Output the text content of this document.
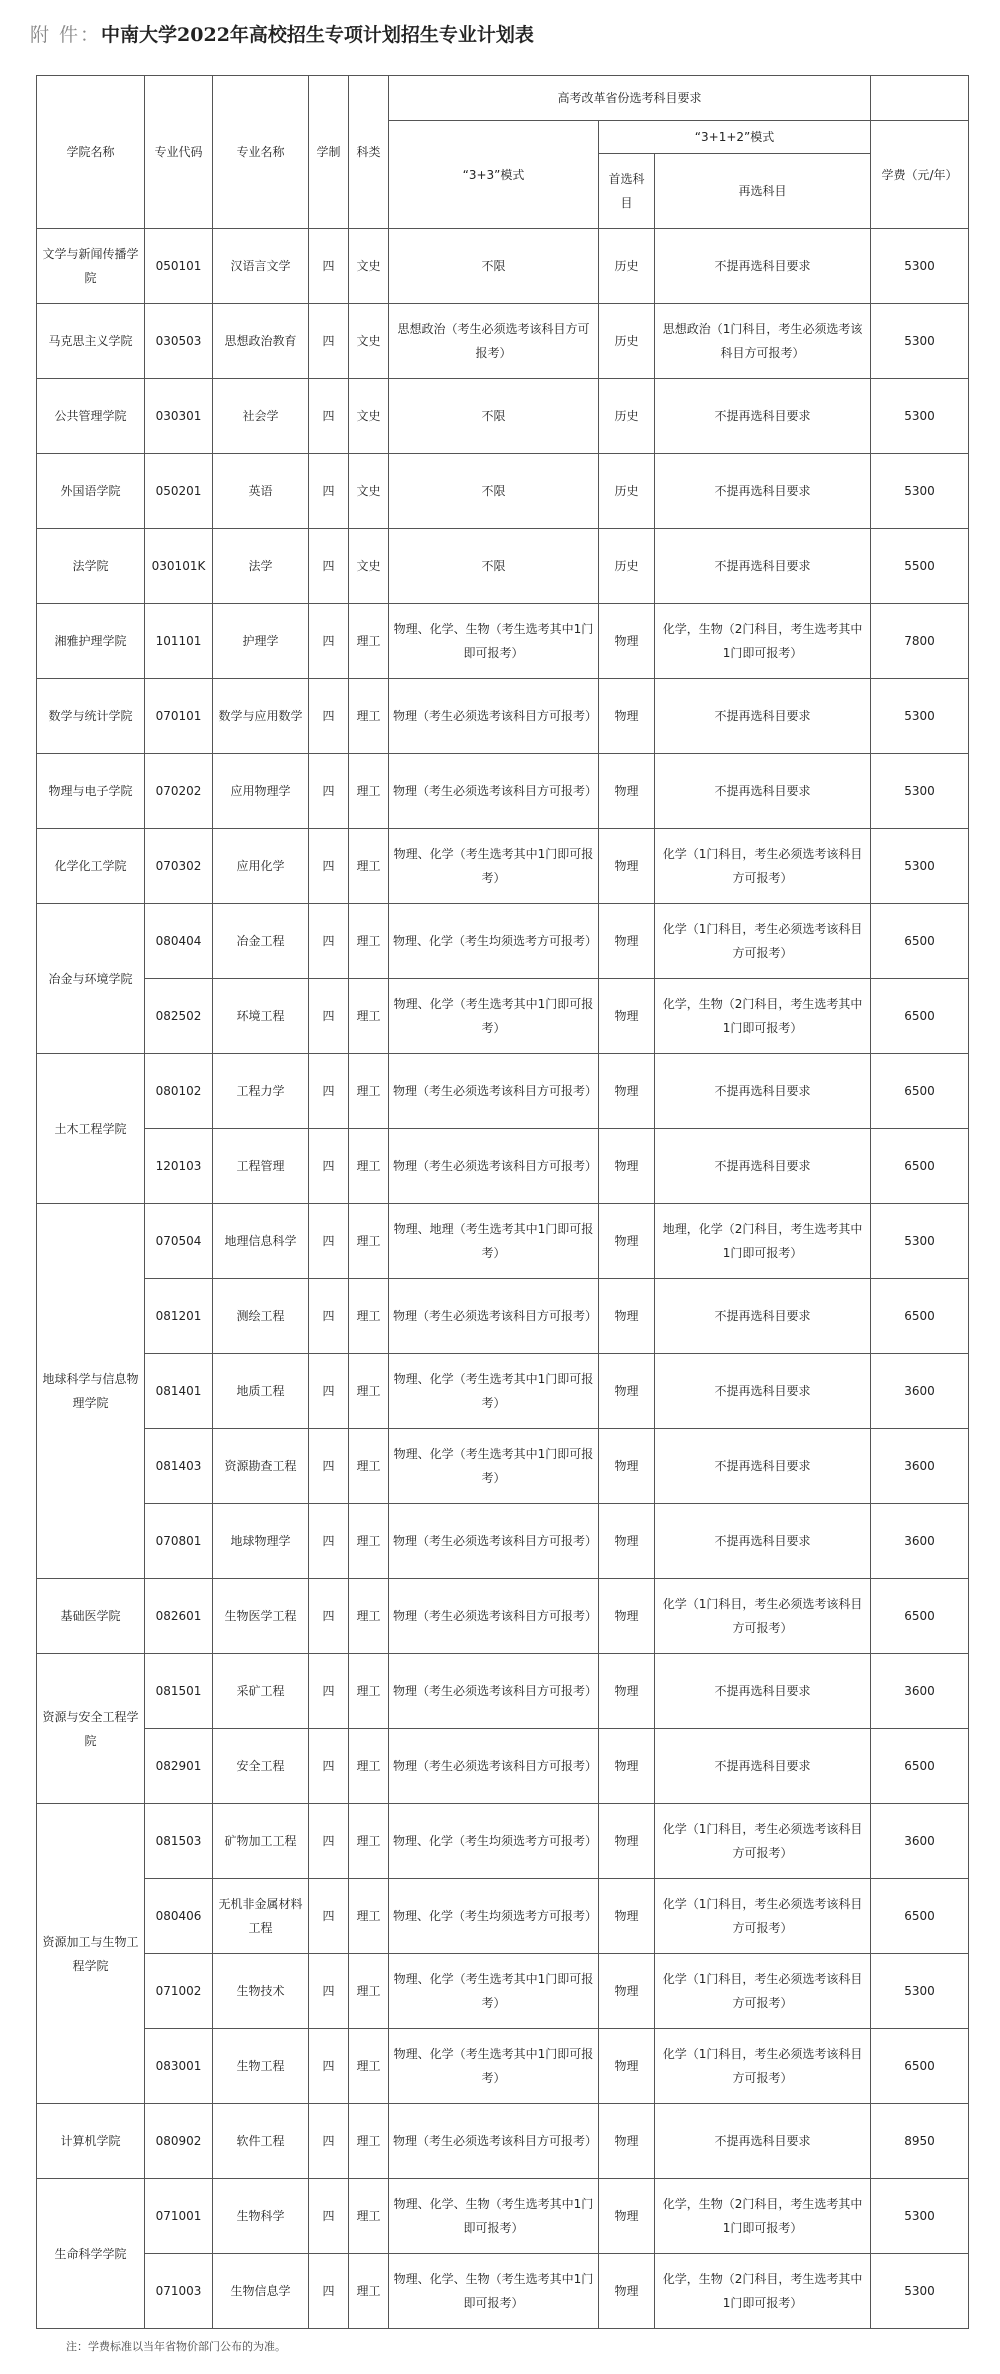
附 件：中南大学2022年高校招生专项计划招生专业计划表
学院名称	专业代码	专业名称	学制	科类	高考改革省份选考科目要求			
					“3+3”模式	“3+1+2”模式		学费（元/年）
						首选科目	再选科目	
文学与新闻传播学院	050101	汉语言文学	四	文史	不限	历史	不提再选科目要求	5300
马克思主义学院	030503	思想政治教育	四	文史	思想政治（考生必须选考该科目方可报考）	历史	思想政治（1门科目，考生必须选考该科目方可报考）	5300
公共管理学院	030301	社会学	四	文史	不限	历史	不提再选科目要求	5300
外国语学院	050201	英语	四	文史	不限	历史	不提再选科目要求	5300
法学院	030101K	法学	四	文史	不限	历史	不提再选科目要求	5500
湘雅护理学院	101101	护理学	四	理工	物理、化学、生物（考生选考其中1门即可报考）	物理	化学，生物（2门科目，考生选考其中1门即可报考）	7800
数学与统计学院	070101	数学与应用数学	四	理工	物理（考生必须选考该科目方可报考）	物理	不提再选科目要求	5300
物理与电子学院	070202	应用物理学	四	理工	物理（考生必须选考该科目方可报考）	物理	不提再选科目要求	5300
化学化工学院	070302	应用化学	四	理工	物理、化学（考生选考其中1门即可报考）	物理	化学（1门科目，考生必须选考该科目方可报考）	5300
冶金与环境学院	080404	冶金工程	四	理工	物理、化学（考生均须选考方可报考）	物理	化学（1门科目，考生必须选考该科目方可报考）	6500
	082502	环境工程	四	理工	物理、化学（考生选考其中1门即可报考）	物理	化学，生物（2门科目，考生选考其中1门即可报考）	6500
土木工程学院	080102	工程力学	四	理工	物理（考生必须选考该科目方可报考）	物理	不提再选科目要求	6500
	120103	工程管理	四	理工	物理（考生必须选考该科目方可报考）	物理	不提再选科目要求	6500
地球科学与信息物理学院	070504	地理信息科学	四	理工	物理、地理（考生选考其中1门即可报考）	物理	地理，化学（2门科目，考生选考其中1门即可报考）	5300
	081201	测绘工程	四	理工	物理（考生必须选考该科目方可报考）	物理	不提再选科目要求	6500
	081401	地质工程	四	理工	物理、化学（考生选考其中1门即可报考）	物理	不提再选科目要求	3600
	081403	资源勘查工程	四	理工	物理、化学（考生选考其中1门即可报考）	物理	不提再选科目要求	3600
	070801	地球物理学	四	理工	物理（考生必须选考该科目方可报考）	物理	不提再选科目要求	3600
基础医学院	082601	生物医学工程	四	理工	物理（考生必须选考该科目方可报考）	物理	化学（1门科目，考生必须选考该科目方可报考）	6500
资源与安全工程学院	081501	采矿工程	四	理工	物理（考生必须选考该科目方可报考）	物理	不提再选科目要求	3600
	082901	安全工程	四	理工	物理（考生必须选考该科目方可报考）	物理	不提再选科目要求	6500
资源加工与生物工程学院	081503	矿物加工工程	四	理工	物理、化学（考生均须选考方可报考）	物理	化学（1门科目，考生必须选考该科目方可报考）	3600
	080406	无机非金属材料工程	四	理工	物理、化学（考生均须选考方可报考）	物理	化学（1门科目，考生必须选考该科目方可报考）	6500
	071002	生物技术	四	理工	物理、化学（考生选考其中1门即可报考）	物理	化学（1门科目，考生必须选考该科目方可报考）	5300
	083001	生物工程	四	理工	物理、化学（考生选考其中1门即可报考）	物理	化学（1门科目，考生必须选考该科目方可报考）	6500
计算机学院	080902	软件工程	四	理工	物理（考生必须选考该科目方可报考）	物理	不提再选科目要求	8950
生命科学学院	071001	生物科学	四	理工	物理、化学、生物（考生选考其中1门即可报考）	物理	化学，生物（2门科目，考生选考其中1门即可报考）	5300
	071003	生物信息学	四	理工	物理、化学、生物（考生选考其中1门即可报考）	物理	化学，生物（2门科目，考生选考其中1门即可报考）	5300
注：学费标准以当年省物价部门公布的为准。
